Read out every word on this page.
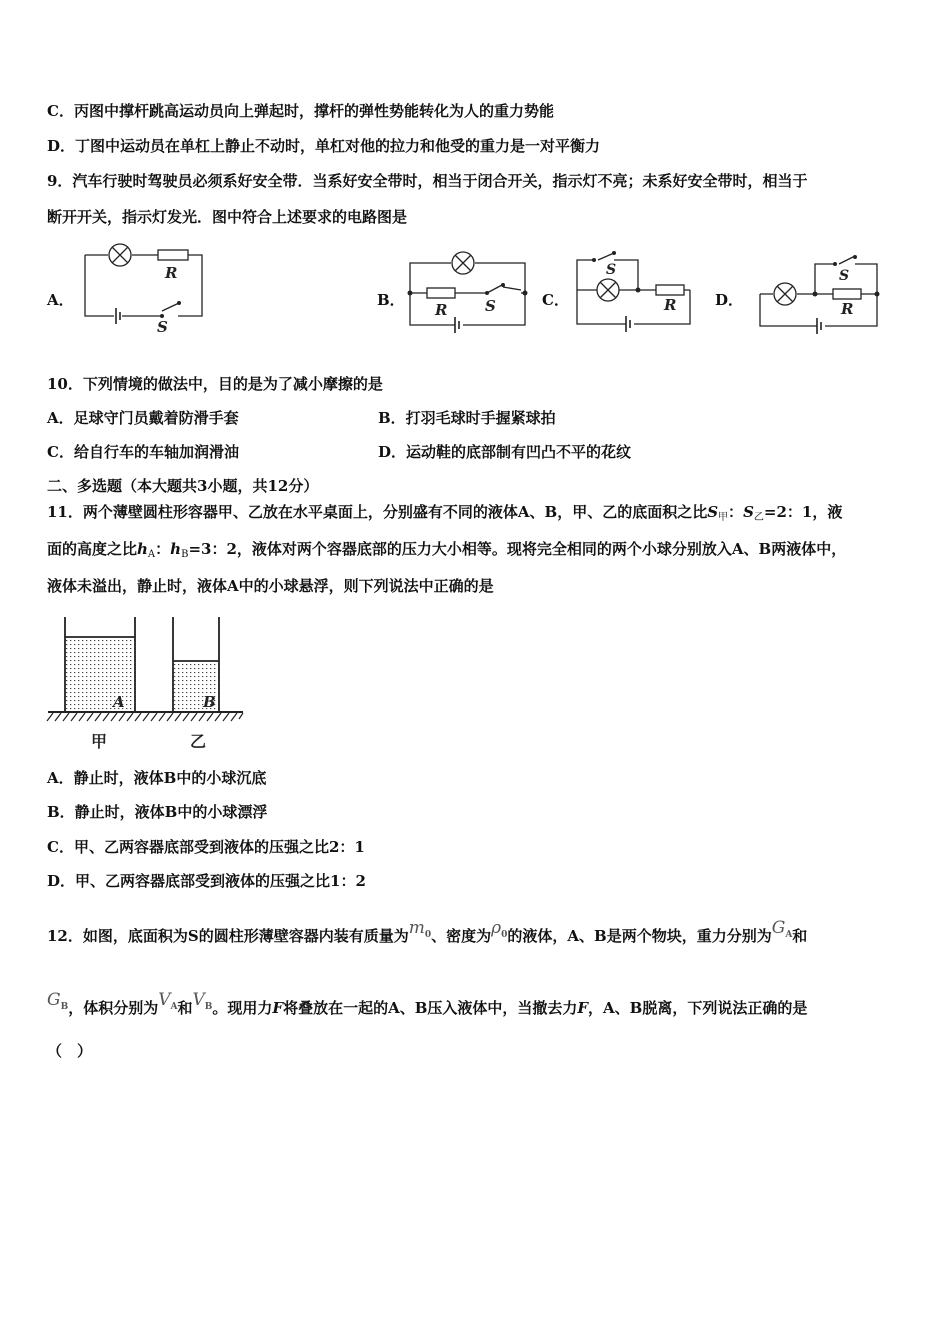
C．丙图中撑杆跳高运动员向上弹起时，撑杆的弹性势能转化为人的重力势能
D．丁图中运动员在单杠上静止不动时，单杠对他的拉力和他受的重力是一对平衡力
9．汽车行驶时驾驶员必须系好安全带．当系好安全带时，相当于闭合开关，指示灯不亮；未系好安全带时，相当于
断开开关，指示灯发光．图中符合上述要求的电路图是
A．	B．	C．	D．
R
S
R	S
S
R
S
R
10．下列情境的做法中，目的是为了减小摩擦的是
A．足球守门员戴着防滑手套	B．打羽毛球时手握紧球拍
C．给自行车的车轴加润滑油	D．运动鞋的底部制有凹凸不平的花纹
二、多选题（本大题共3小题，共12分）
11．两个薄壁圆柱形容器甲、乙放在水平桌面上，分别盛有不同的液体A、B，甲、乙的底面积之比$S_甲$：$S_乙=2$：1，液
面的高度之比$h_A$：$h_B=3$：2，液体对两个容器底部的压力大小相等。现将完全相同的两个小球分别放入A、B两液体中，
液体未溢出，静止时，液体A中的小球悬浮，则下列说法中正确的是
A	B
甲	乙
A．静止时，液体B中的小球沉底
B．静止时，液体B中的小球漂浮
C．甲、乙两容器底部受到液体的压强之比2：1
D．甲、乙两容器底部受到液体的压强之比1：2
12．如图，底面积为S的圆柱形薄壁容器内装有质量为$m^0$、密度为$\rho^0$的液体，A、B是两个物块，重力分别为$G^A$和
$G^B$，体积分别为$V^A$和$V^B$。现用力F将叠放在一起的A、B压入液体中，当撤去力F，A、B脱离，下列说法正确的是
（　）
